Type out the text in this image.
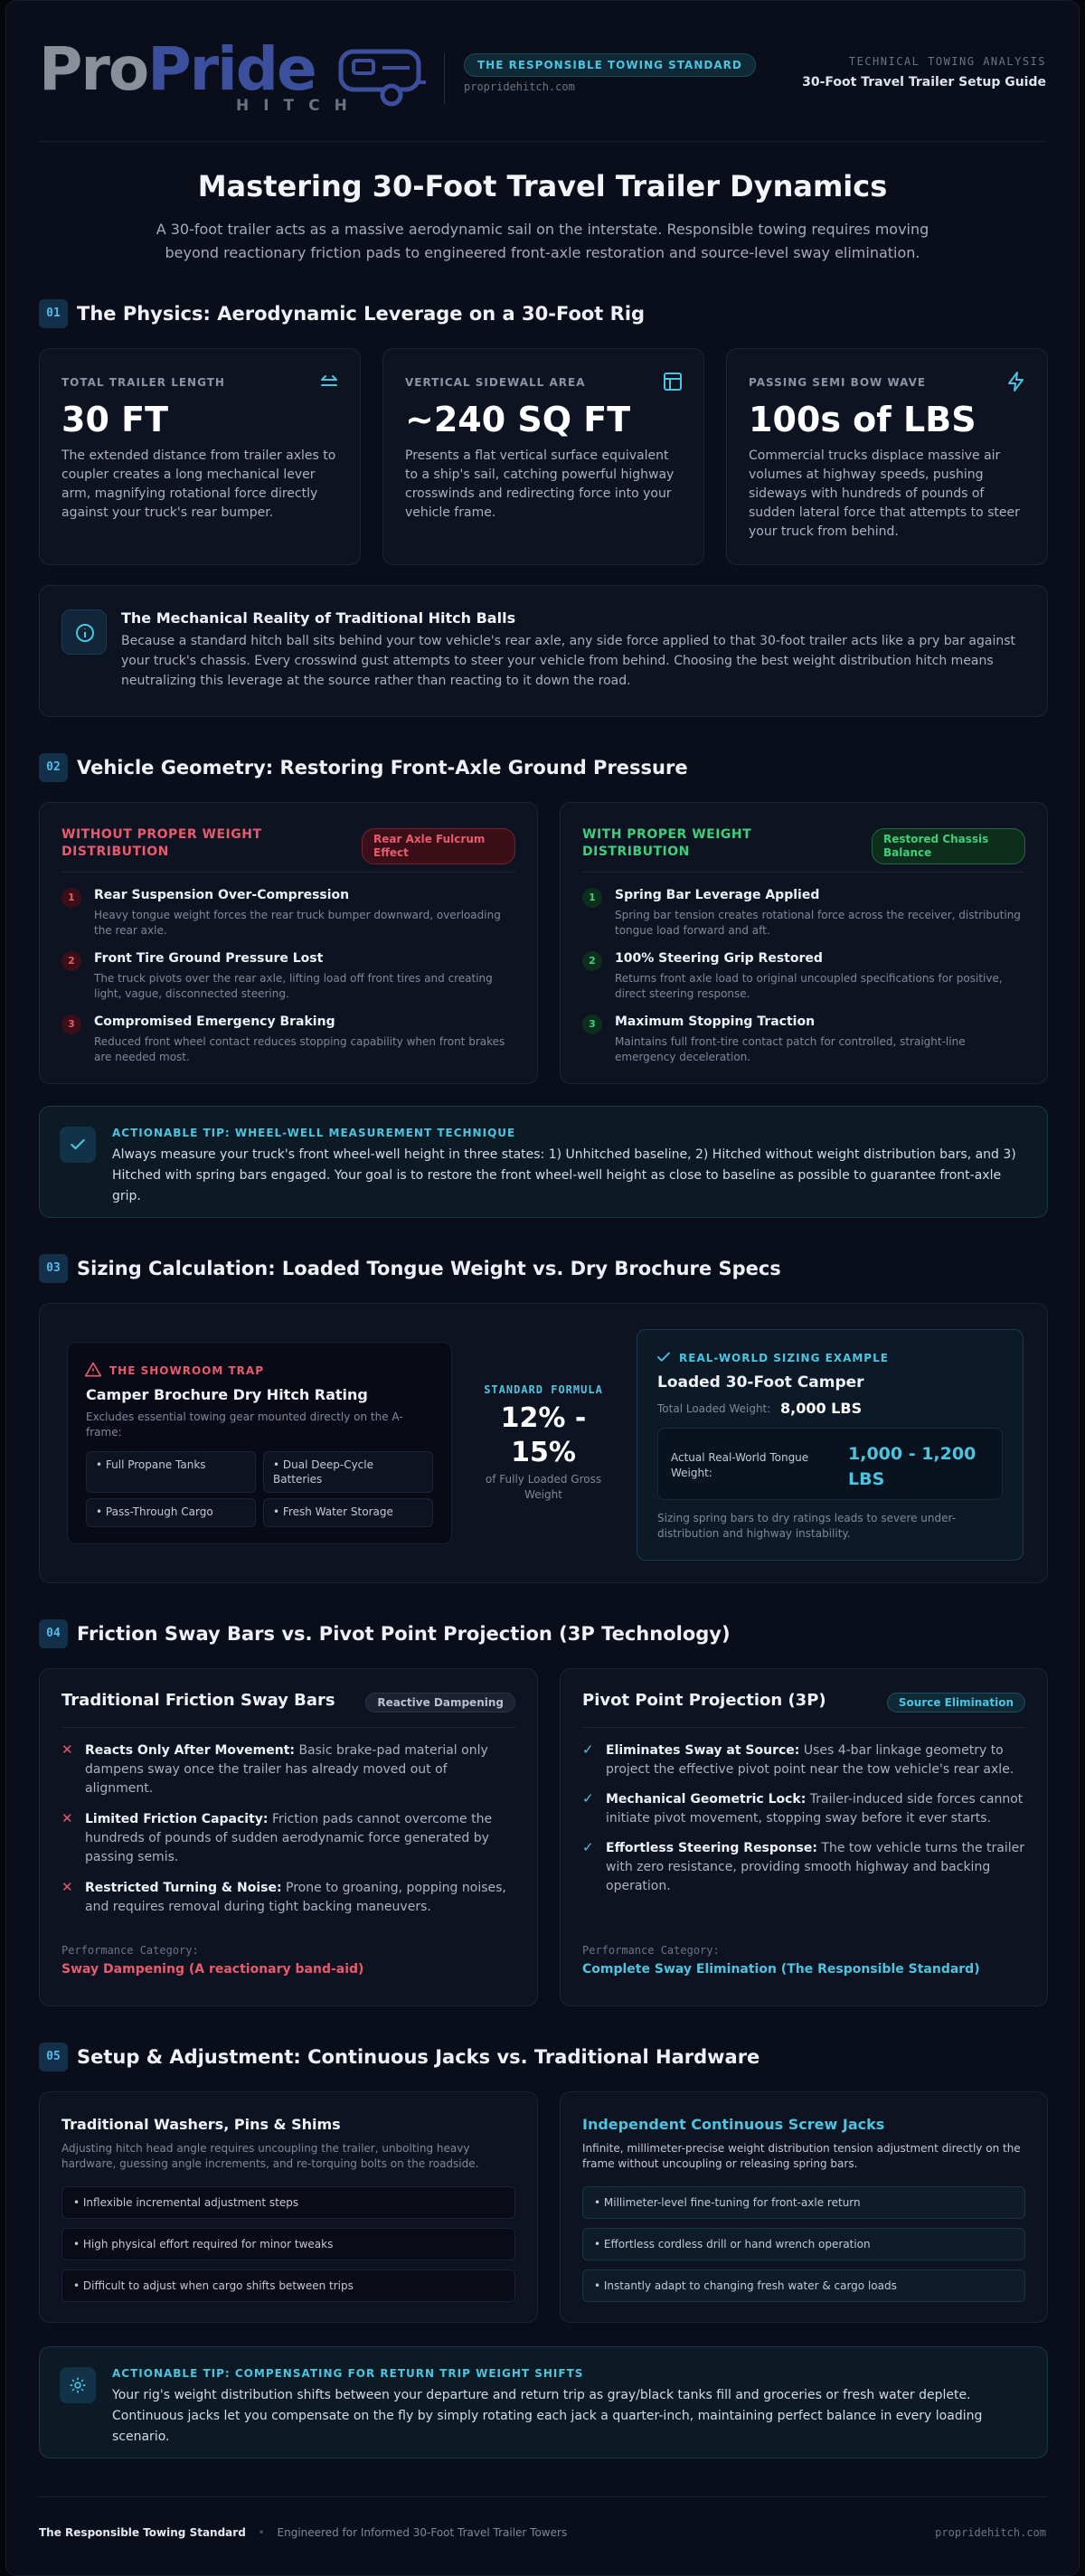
ProPride
HITCH
THE RESPONSIBLE TOWING STANDARD
propridehitch.com
TECHNICAL TOWING ANALYSIS
30-Foot Travel Trailer Setup Guide
Mastering 30-Foot Travel Trailer Dynamics
A 30-foot trailer acts as a massive aerodynamic sail on the interstate. Responsible towing requires moving beyond reactionary friction pads to engineered front-axle restoration and source-level sway elimination.
01 The Physics: Aerodynamic Leverage on a 30-Foot Rig
TOTAL TRAILER LENGTH
30 FT
The extended distance from trailer axles to coupler creates a long mechanical lever arm, magnifying rotational force directly against your truck's rear bumper.
VERTICAL SIDEWALL AREA
~240 SQ FT
Presents a flat vertical surface equivalent to a ship's sail, catching powerful highway crosswinds and redirecting force into your vehicle frame.
PASSING SEMI BOW WAVE
100s of LBS
Commercial trucks displace massive air volumes at highway speeds, pushing sideways with hundreds of pounds of sudden lateral force that attempts to steer your truck from behind.
The Mechanical Reality of Traditional Hitch Balls
Because a standard hitch ball sits behind your tow vehicle's rear axle, any side force applied to that 30-foot trailer acts like a pry bar against your truck's chassis. Every crosswind gust attempts to steer your vehicle from behind. Choosing the best weight distribution hitch means neutralizing this leverage at the source rather than reacting to it down the road.
02 Vehicle Geometry: Restoring Front-Axle Ground Pressure
WITHOUT PROPER WEIGHT DISTRIBUTION
Rear Axle Fulcrum Effect
1	Rear Suspension Over-Compression
Heavy tongue weight forces the rear truck bumper downward, overloading the rear axle.
2	Front Tire Ground Pressure Lost
The truck pivots over the rear axle, lifting load off front tires and creating light, vague, disconnected steering.
3	Compromised Emergency Braking
Reduced front wheel contact reduces stopping capability when front brakes are needed most.
WITH PROPER WEIGHT DISTRIBUTION
Restored Chassis Balance
1	Spring Bar Leverage Applied
Spring bar tension creates rotational force across the receiver, distributing tongue load forward and aft.
2	100% Steering Grip Restored
Returns front axle load to original uncoupled specifications for positive, direct steering response.
3	Maximum Stopping Traction
Maintains full front-tire contact patch for controlled, straight-line emergency deceleration.
ACTIONABLE TIP: WHEEL-WELL MEASUREMENT TECHNIQUE
Always measure your truck's front wheel-well height in three states: 1) Unhitched baseline, 2) Hitched without weight distribution bars, and 3) Hitched with spring bars engaged. Your goal is to restore the front wheel-well height as close to baseline as possible to guarantee front-axle grip.
03 Sizing Calculation: Loaded Tongue Weight vs. Dry Brochure Specs
THE SHOWROOM TRAP
Camper Brochure Dry Hitch Rating
Excludes essential towing gear mounted directly on the A-frame:
• Full Propane Tanks	• Dual Deep-Cycle Batteries
• Pass-Through Cargo	• Fresh Water Storage
STANDARD FORMULA
12% - 15%
of Fully Loaded Gross Weight
REAL-WORLD SIZING EXAMPLE
Loaded 30-Foot Camper
Total Loaded Weight: 8,000 LBS
Actual Real-World Tongue Weight:
1,000 - 1,200 LBS
Sizing spring bars to dry ratings leads to severe under-distribution and highway instability.
04 Friction Sway Bars vs. Pivot Point Projection (3P Technology)
Traditional Friction Sway Bars	Reactive Dampening
✕ Reacts Only After Movement: Basic brake-pad material only dampens sway once the trailer has already moved out of alignment.
✕ Limited Friction Capacity: Friction pads cannot overcome the hundreds of pounds of sudden aerodynamic force generated by passing semis.
✕ Restricted Turning & Noise: Prone to groaning, popping noises, and requires removal during tight backing maneuvers.
Performance Category:
Sway Dampening (A reactionary band-aid)
Pivot Point Projection (3P)	Source Elimination
✓ Eliminates Sway at Source: Uses 4-bar linkage geometry to project the effective pivot point near the tow vehicle's rear axle.
✓ Mechanical Geometric Lock: Trailer-induced side forces cannot initiate pivot movement, stopping sway before it ever starts.
✓ Effortless Steering Response: The tow vehicle turns the trailer with zero resistance, providing smooth highway and backing operation.
Performance Category:
Complete Sway Elimination (The Responsible Standard)
05 Setup & Adjustment: Continuous Jacks vs. Traditional Hardware
Traditional Washers, Pins & Shims
Adjusting hitch head angle requires uncoupling the trailer, unbolting heavy hardware, guessing angle increments, and re-torquing bolts on the roadside.
• Inflexible incremental adjustment steps
• High physical effort required for minor tweaks
• Difficult to adjust when cargo shifts between trips
Independent Continuous Screw Jacks
Infinite, millimeter-precise weight distribution tension adjustment directly on the frame without uncoupling or releasing spring bars.
• Millimeter-level fine-tuning for front-axle return
• Effortless cordless drill or hand wrench operation
• Instantly adapt to changing fresh water & cargo loads
ACTIONABLE TIP: COMPENSATING FOR RETURN TRIP WEIGHT SHIFTS
Your rig's weight distribution shifts between your departure and return trip as gray/black tanks fill and groceries or fresh water deplete. Continuous jacks let you compensate on the fly by simply rotating each jack a quarter-inch, maintaining perfect balance in every loading scenario.
The Responsible Towing Standard • Engineered for Informed 30-Foot Travel Trailer Towers	propridehitch.com
